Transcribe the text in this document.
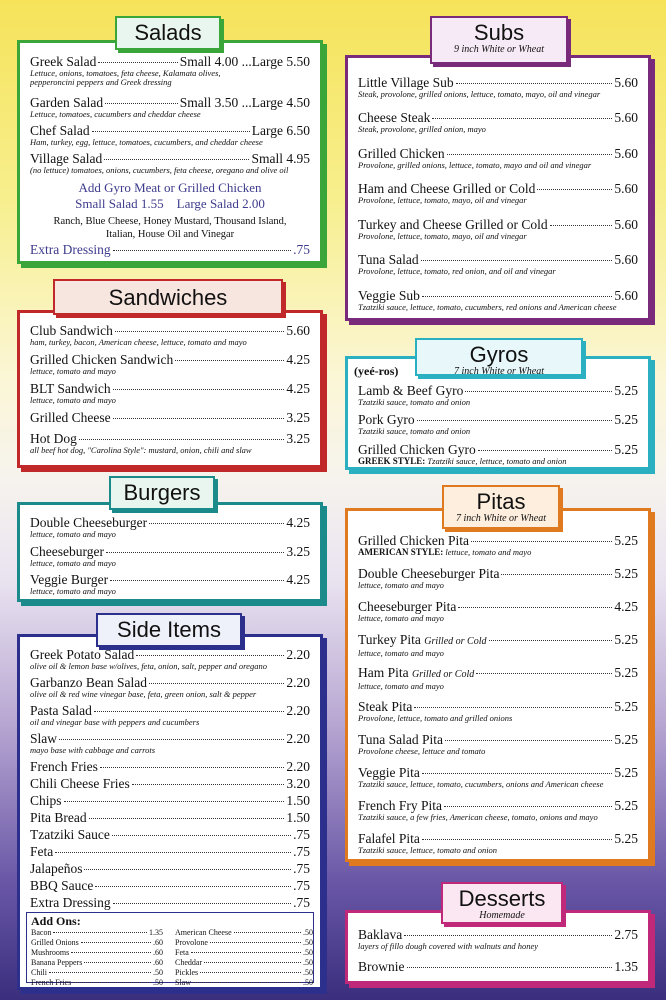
Greek Salad	Small 4.00 ...Large 5.50
Lettuce, onions, tomatoes, feta cheese, Kalamata olives,
pepperoncini peppers and Greek dressing
Garden Salad	Small 3.50 ...Large 4.50
Lettuce, tomatoes, cucumbers and cheddar cheese
Chef Salad	Large 6.50
Ham, turkey, egg, lettuce, tomatoes, cucumbers, and cheddar cheese
Village Salad	Small 4.95
(no lettuce) tomatoes, onions, cucumbers, feta cheese, oregano and olive oil
Add Gyro Meat or Grilled Chicken
Small Salad 1.55    Large Salad 2.00
Ranch, Blue Cheese, Honey Mustard, Thousand Island,
Italian, House Oil and Vinegar
Extra Dressing	.75
Salads
Club Sandwich	5.60
ham, turkey, bacon, American cheese, lettuce, tomato and mayo
Grilled Chicken Sandwich	4.25
lettuce, tomato and mayo
BLT Sandwich	4.25
lettuce, tomato and mayo
Grilled Cheese	3.25
Hot Dog	3.25
all beef hot dog, "Carolina Style": mustard, onion, chili and slaw
Sandwiches
Double Cheeseburger	4.25
lettuce, tomato and mayo
Cheeseburger	3.25
lettuce, tomato and mayo
Veggie Burger	4.25
lettuce, tomato and mayo
Burgers
Greek Potato Salad	2.20
olive oil & lemon base w/olives, feta, onion, salt, pepper and oregano
Garbanzo Bean Salad	2.20
olive oil & red wine vinegar base, feta, green onion, salt & pepper
Pasta Salad	2.20
oil and vinegar base with peppers and cucumbers
Slaw	2.20
mayo base with cabbage and carrots
French Fries	2.20
Chili Cheese Fries	3.20
Chips	1.50
Pita Bread	1.50
Tzatziki Sauce	.75
Feta	.75
Jalapeños	.75
BBQ Sauce	.75
Extra Dressing	.75
Add Ons:
Bacon	1.35
Grilled Onions	.60
Mushrooms	.60
Banana Peppers	.60
Chili	.50
French Fries	.50
American Cheese	.50
Provolone	.50
Feta	.50
Cheddar	.50
Pickles	.50
Slaw	.50
Side Items
Little Village Sub	5.60
Steak, provolone, grilled onions, lettuce, tomato, mayo, oil and vinegar
Cheese Steak	5.60
Steak, provolone, grilled onion, mayo
Grilled Chicken	5.60
Provolone, grilled onions, lettuce, tomato, mayo and oil and vinegar
Ham and Cheese Grilled or Cold	5.60
Provolone, lettuce, tomato, mayo, oil and vinegar
Turkey and Cheese Grilled or Cold	5.60
Provolone, lettuce, tomato, mayo, oil and vinegar
Tuna Salad	5.60
Provolone, lettuce, tomato, red onion, and oil and vinegar
Veggie Sub	5.60
Tzatziki sauce, lettuce, tomato, cucumbers, red onions and American cheese
Subs
9 inch White or Wheat
(yeé-ros)
Lamb & Beef Gyro	5.25
Tzatziki sauce, tomato and onion
Pork Gyro	5.25
Tzatziki sauce, tomato and onion
Grilled Chicken Gyro	5.25
GREEK STYLE: Tzatziki sauce, lettuce, tomato and onion
Gyros
7 inch White or Wheat
Grilled Chicken Pita	5.25
AMERICAN STYLE: lettuce, tomato and mayo
Double Cheeseburger Pita	5.25
lettuce, tomato and mayo
Cheeseburger Pita	4.25
lettuce, tomato and mayo
Turkey Pita Grilled or Cold	5.25
lettuce, tomato and mayo
Ham Pita Grilled or Cold	5.25
lettuce, tomato and mayo
Steak Pita	5.25
Provolone, lettuce, tomato and grilled onions
Tuna Salad Pita	5.25
Provolone cheese, lettuce and tomato
Veggie Pita	5.25
Tzatziki sauce, lettuce, tomato, cucumbers, onions and American cheese
French Fry Pita	5.25
Tzatziki sauce, a few fries, American cheese, tomato, onions and mayo
Falafel Pita	5.25
Tzatziki sauce, lettuce, tomato and onion
Pitas
7 inch White or Wheat
Baklava	2.75
layers of fillo dough covered with walnuts and honey
Brownie	1.35
Desserts
Homemade
